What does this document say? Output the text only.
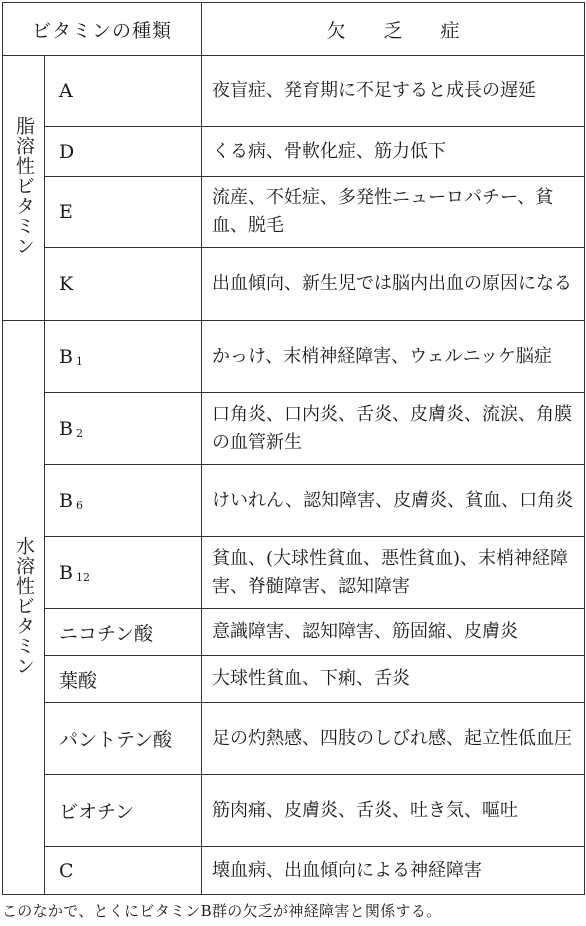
ビタミンの種類		欠乏症
脂溶性ビタミン	A	夜盲症、発育期に不足すると成長の遅延
	D	くる病、骨軟化症、筋力低下
	E	流産、不妊症、多発性ニューロパチー、貧血、脱毛
	K	出血傾向、新生児では脳内出血の原因になる
水溶性ビタミン	B $_1$	かっけ、末梢神経障害、ウェルニッケ脳症
	B $_2$	口角炎、口内炎、舌炎、皮膚炎、流涙、角膜の血管新生
	B $_6$	けいれん、認知障害、皮膚炎、貧血、口角炎
	B $_{12}$	貧血、(大球性貧血、悪性貧血)、末梢神経障害、脊髄障害、認知障害
	ニコチン酸	意識障害、認知障害、筋固縮、皮膚炎
	葉酸	大球性貧血、下痢、舌炎
	パントテン酸	足の灼熱感、四肢のしびれ感、起立性低血圧
	ビオチン	筋肉痛、皮膚炎、舌炎、吐き気、嘔吐
	C	壊血病、出血傾向による神経障害
このなかで、とくにビタミンB群の欠乏が神経障害と関係する。
